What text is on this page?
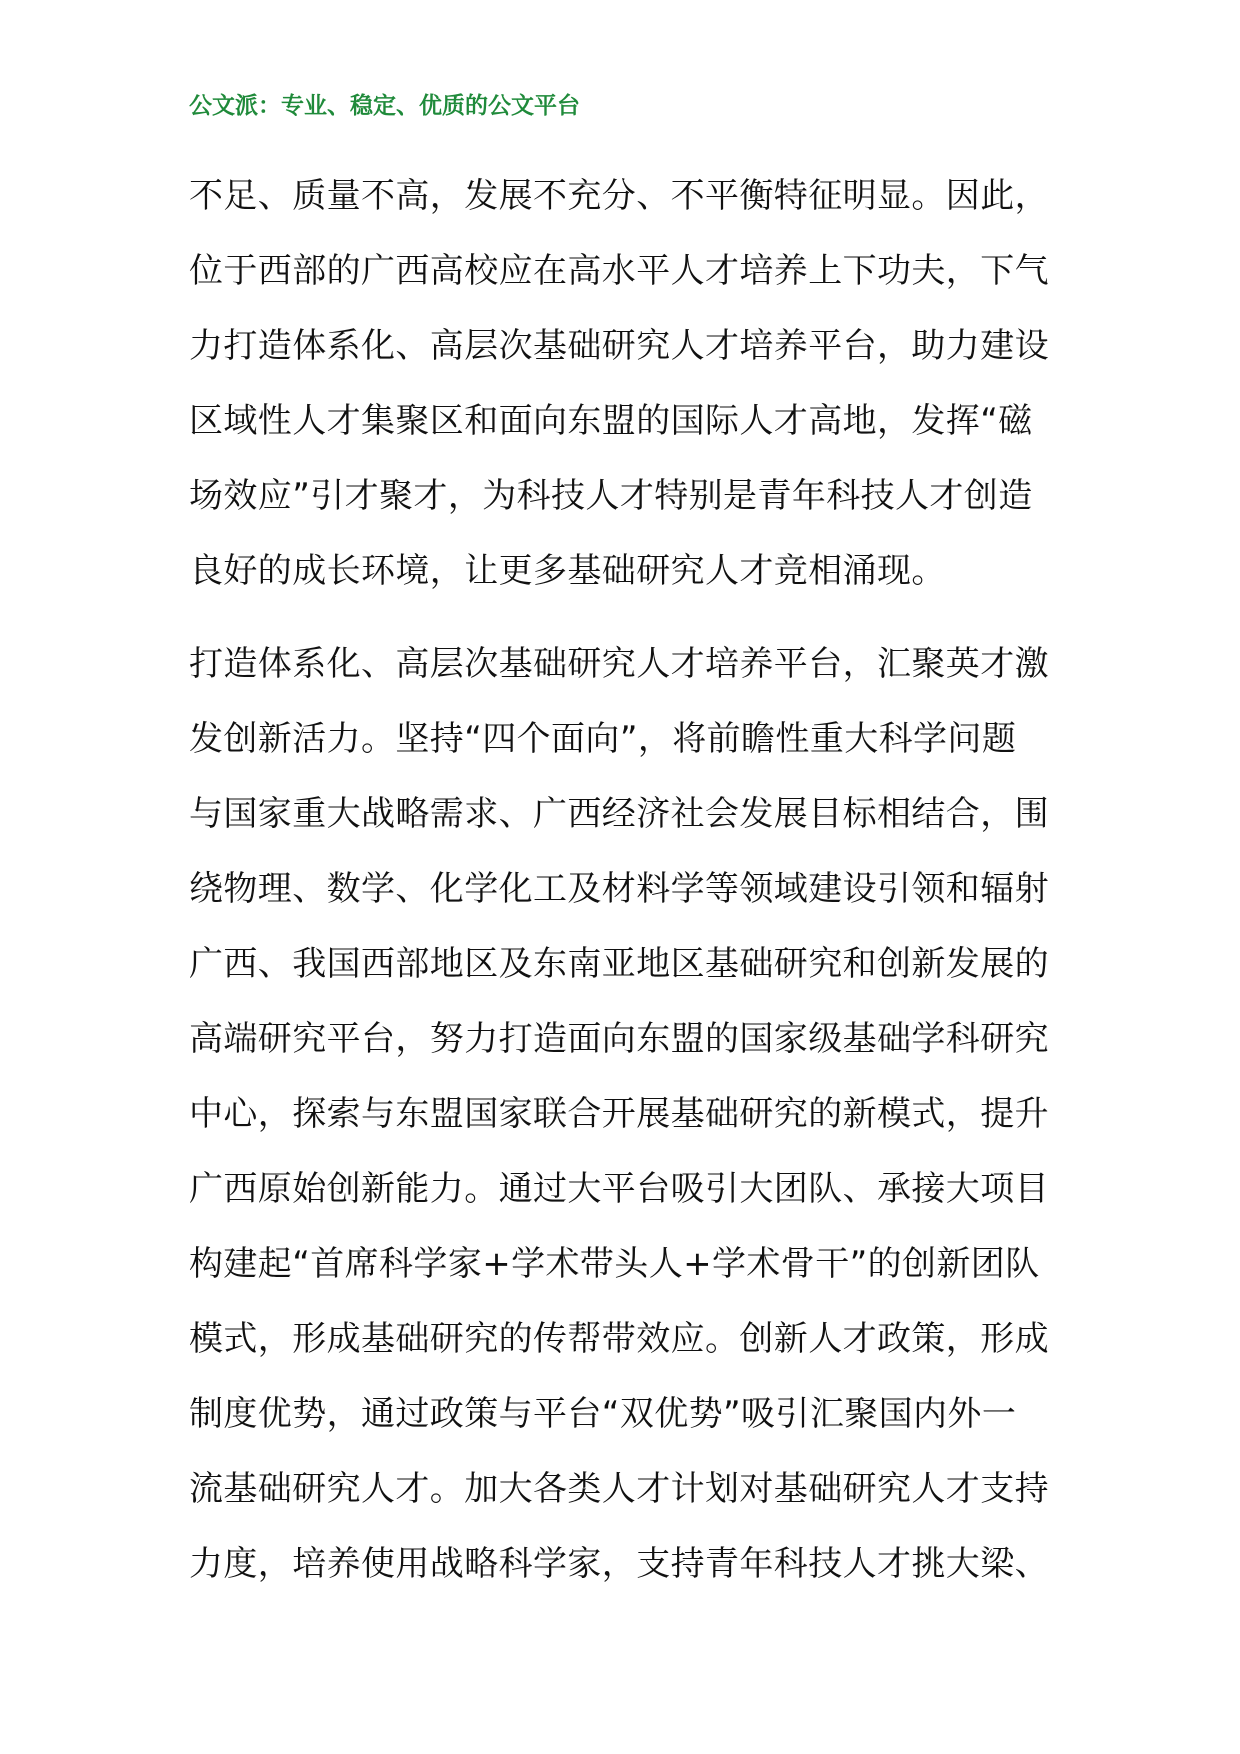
公文派：专业、稳定、优质的公文平台
不足、质量不高，发展不充分、不平衡特征明显。因此，
位于西部的广西高校应在高水平人才培养上下功夫，下气
力打造体系化、高层次基础研究人才培养平台，助力建设
区域性人才集聚区和面向东盟的国际人才高地，发挥“磁
场效应”引才聚才，为科技人才特别是青年科技人才创造
良好的成长环境，让更多基础研究人才竞相涌现。
打造体系化、高层次基础研究人才培养平台，汇聚英才激
发创新活力。坚持“四个面向”，将前瞻性重大科学问题
与国家重大战略需求、广西经济社会发展目标相结合，围
绕物理、数学、化学化工及材料学等领域建设引领和辐射
广西、我国西部地区及东南亚地区基础研究和创新发展的
高端研究平台，努力打造面向东盟的国家级基础学科研究
中心，探索与东盟国家联合开展基础研究的新模式，提升
广西原始创新能力。通过大平台吸引大团队、承接大项目
构建起“首席科学家+学术带头人+学术骨干”的创新团队
模式，形成基础研究的传帮带效应。创新人才政策，形成
制度优势，通过政策与平台“双优势”吸引汇聚国内外一
流基础研究人才。加大各类人才计划对基础研究人才支持
力度，培养使用战略科学家，支持青年科技人才挑大梁、
